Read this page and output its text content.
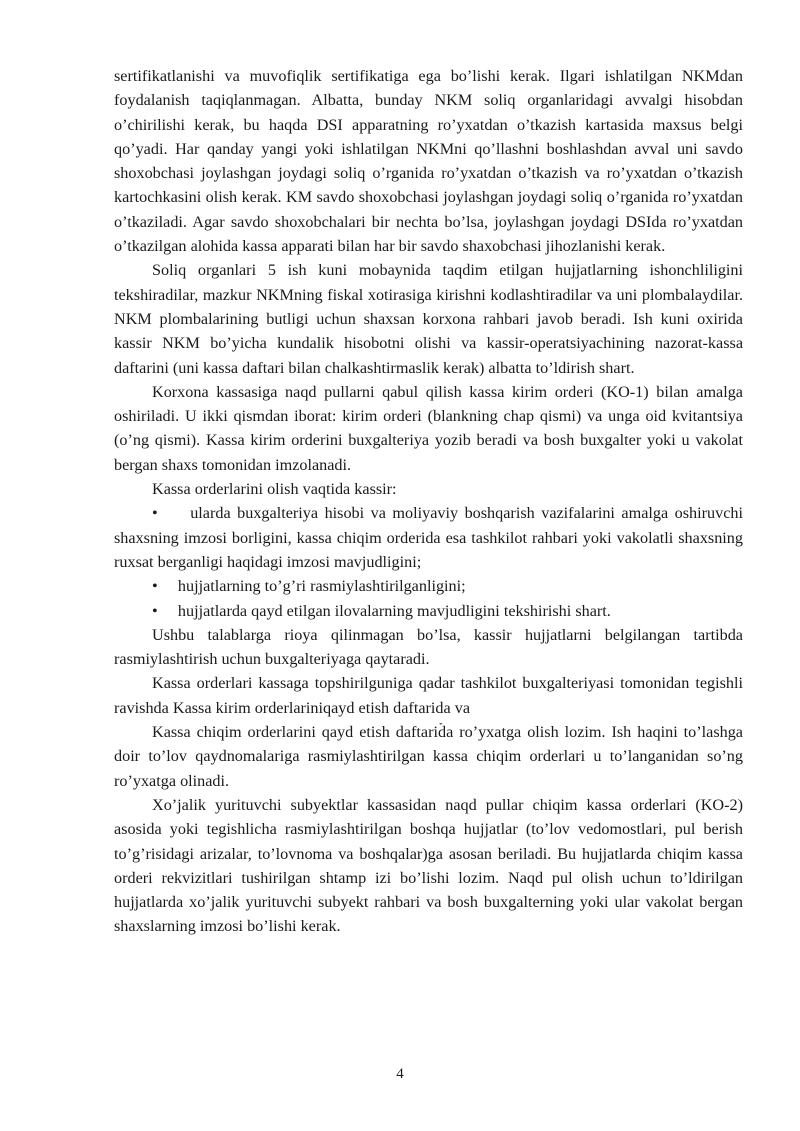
sertifikatlanishi va muvofiqlik sertifikatiga ega bo’lishi kerak. Ilgari ishlatilgan NKMdan foydalanish taqiqlanmagan. Albatta, bunday NKM soliq organlaridagi avvalgi hisobdan o’chirilishi kerak, bu haqda DSI apparatning ro’yxatdan o’tkazish kartasida maxsus belgi qo’yadi. Har qanday yangi yoki ishlatilgan NKMni qo’llashni boshlashdan avval uni savdo shoxobchasi joylashgan joydagi soliq o’rganida ro’yxatdan o’tkazish va ro’yxatdan o’tkazish kartochkasini olish kerak. KM savdo shoxobchasi joylashgan joydagi soliq o’rganida ro’yxatdan o’tkaziladi. Agar savdo shoxobchalari bir nechta bo’lsa, joylashgan joydagi DSIda ro’yxatdan o’tkazilgan alohida kassa apparati bilan har bir savdo shaxobchasi jihozlanishi kerak.

Soliq organlari 5 ish kuni mobaynida taqdim etilgan hujjatlarning ishonchliligini tekshiradilar, mazkur NKMning fiskal xotirasiga kirishni kodlashtiradilar va uni plombalaydilar. NKM plombalarining butligi uchun shaxsan korxona rahbari javob beradi. Ish kuni oxirida kassir NKM bo’yicha kundalik hisobotni olishi va kassir-operatsiyachining nazorat-kassa daftarini (uni kassa daftari bilan chalkashtirmaslik kerak) albatta to’ldirish shart.

Korxona kassasiga naqd pullarni qabul qilish kassa kirim orderi (KO-1) bilan amalga oshiriladi. U ikki qismdan iborat: kirim orderi (blankning chap qismi) va unga oid kvitantsiya (o’ng qismi). Kassa kirim orderini buxgalteriya yozib beradi va bosh buxgalter yoki u vakolat bergan shaxs tomonidan imzolanadi.

Kassa orderlarini olish vaqtida kassir:

• ularda buxgalteriya hisobi va moliyaviy boshqarish vazifalarini amalga oshiruvchi shaxsning imzosi borligini, kassa chiqim orderida esa tashkilot rahbari yoki vakolatli shaxsning ruxsat berganligi haqidagi imzosi mavjudligini;

• hujjatlarning to’g’ri rasmiylashtirilganligini;

• hujjatlarda qayd etilgan ilovalarning mavjudligini tekshirishi shart.

Ushbu talablarga rioya qilinmagan bo’lsa, kassir hujjatlarni belgilangan tartibda rasmiylashtirish uchun buxgalteriyaga qaytaradi.

Kassa orderlari kassaga topshirilguniga qadar tashkilot buxgalteriyasi tomonidan tegishli ravishda Kassa kirim orderlariniqayd etish daftarida va

Kassa chiqim orderlarini qayd etish daftariۡda ro’yxatga olish lozim. Ish haqini to’lashga doir to’lov qaydnomalariga rasmiylashtirilgan kassa chiqim orderlari u to’langanidan so’ng ro’yxatga olinadi.

Xo’jalik yurituvchi subyektlar kassasidan naqd pullar chiqim kassa orderlari (KO-2) asosida yoki tegishlicha rasmiylashtirilgan boshqa hujjatlar (to’lov vedomostlari, pul berish to’g’risidagi arizalar, to’lovnoma va boshqalar)ga asosan beriladi. Bu hujjatlarda chiqim kassa orderi rekvizitlari tushirilgan shtamp izi bo’lishi lozim. Naqd pul olish uchun to’ldirilgan hujjatlarda xo’jalik yurituvchi subyekt rahbari va bosh buxgalterning yoki ular vakolat bergan shaxslarning imzosi bo’lishi kerak.

4
